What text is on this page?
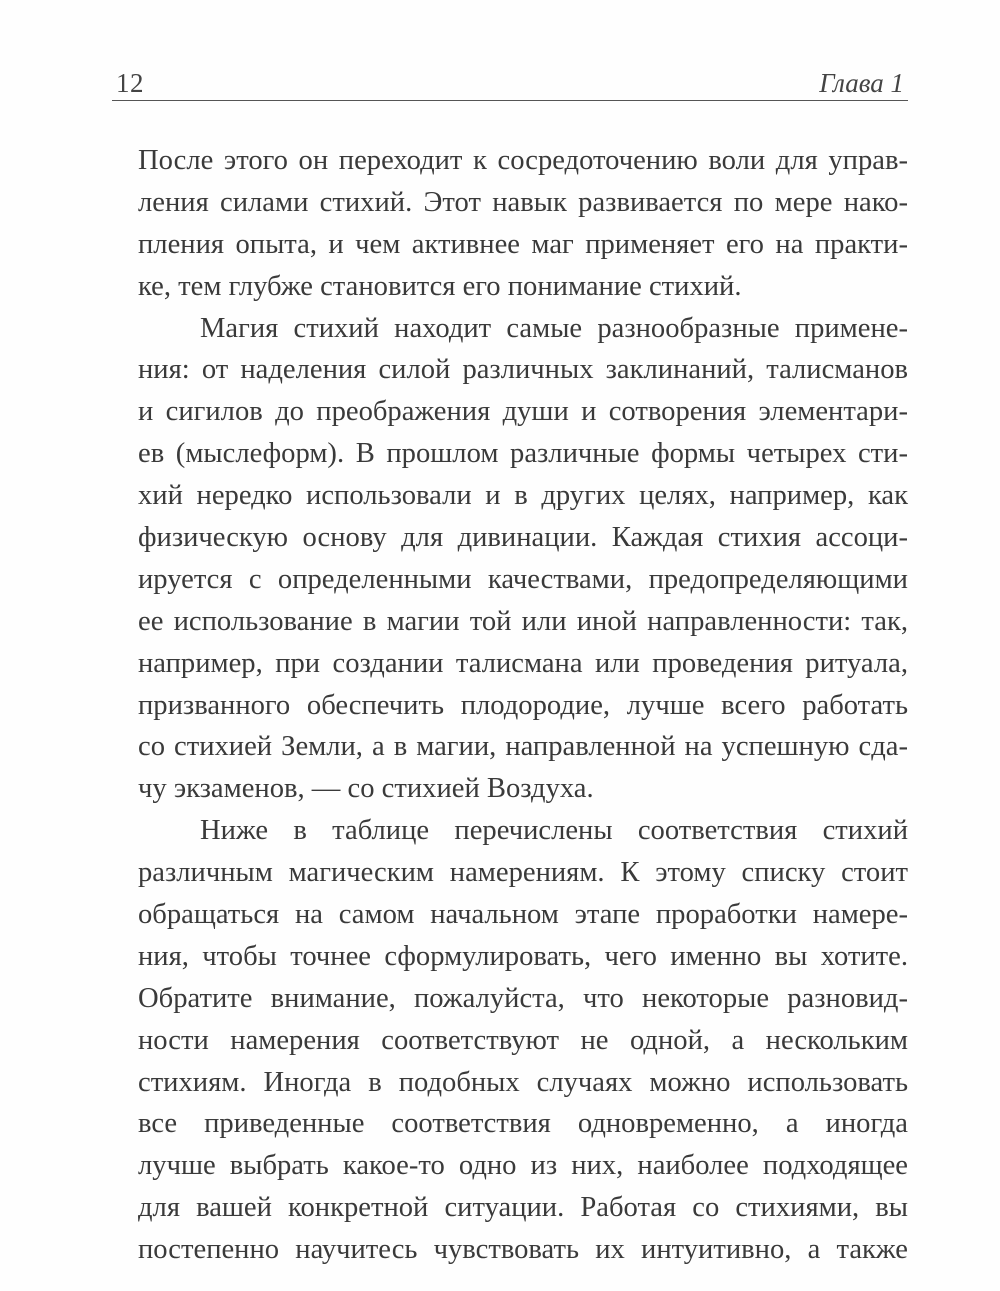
12	Глава 1
После этого он переходит к сосредоточению воли для управ-
ления силами стихий. Этот навык развивается по мере нако-
пления опыта, и чем активнее маг применяет его на практи-
ке, тем глубже становится его понимание стихий.
Магия стихий находит самые разнообразные примене-
ния: от наделения силой различных заклинаний, талисманов
и сигилов до преображения души и сотворения элементари-
ев (мыслеформ). В прошлом различные формы четырех сти-
хий нередко использовали и в других целях, например, как
физическую основу для дивинации. Каждая стихия ассоци-
ируется с определенными качествами, предопределяющими
ее использование в магии той или иной направленности: так,
например, при создании талисмана или проведения ритуала,
призванного обеспечить плодородие, лучше всего работать
со стихией Земли, а в магии, направленной на успешную сда-
чу экзаменов, — со стихией Воздуха.
Ниже в таблице перечислены соответствия стихий
различным магическим намерениям. К этому списку стоит
обращаться на самом начальном этапе проработки намере-
ния, чтобы точнее сформулировать, чего именно вы хотите.
Обратите внимание, пожалуйста, что некоторые разновид-
ности намерения соответствуют не одной, а нескольким
стихиям. Иногда в подобных случаях можно использовать
все приведенные соответствия одновременно, а иногда
лучше выбрать какое-то одно из них, наиболее подходящее
для вашей конкретной ситуации. Работая со стихиями, вы
постепенно научитесь чувствовать их интуитивно, а также
